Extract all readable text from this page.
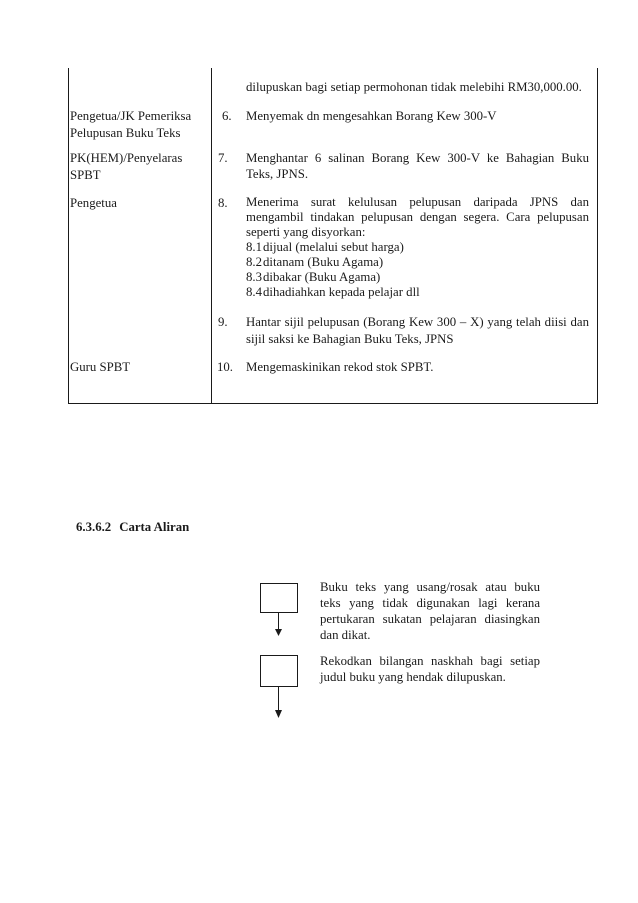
dilupuskan bagi setiap permohonan tidak melebihi RM30,000.00.
Pengetua/JK Pemeriksa
Pelupusan Buku Teks
6. Menyemak dn mengesahkan Borang Kew 300-V
PK(HEM)/Penyelaras
SPBT
7. Menghantar 6 salinan Borang Kew 300-V ke Bahagian Buku
Teks, JPNS.
Pengetua	8. Menerima surat kelulusan pelupusan daripada JPNS dan
mengambil tindakan pelupusan dengan segera. Cara pelupusan
seperti yang disyorkan:
8.1 dijual (melalui sebut harga)
8.2 ditanam (Buku Agama)
8.3 dibakar (Buku Agama)
8.4 dihadiahkan kepada pelajar dll
9. Hantar sijil pelupusan (Borang Kew 300 – X) yang telah diisi dan
sijil saksi ke Bahagian Buku Teks, JPNS
Guru SPBT	10. Mengemaskinikan rekod stok SPBT.
6.3.6.2 Carta Aliran
Buku teks yang usang/rosak atau buku
teks yang tidak digunakan lagi kerana
pertukaran sukatan pelajaran diasingkan
dan dikat.
Rekodkan bilangan naskhah bagi setiap
judul buku yang hendak dilupuskan.
